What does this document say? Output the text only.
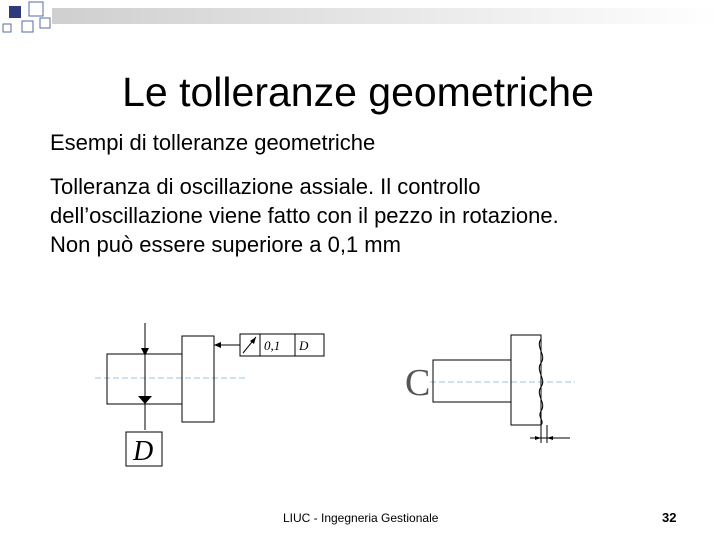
Le tolleranze geometriche
Esempi di tolleranze geometriche
Tolleranza di oscillazione assiale. Il controllo
dell’oscillazione viene fatto con il pezzo in rotazione.
Non può essere superiore a 0,1 mm
0,1 D
D
C
LIUC - Ingegneria Gestionale	32
